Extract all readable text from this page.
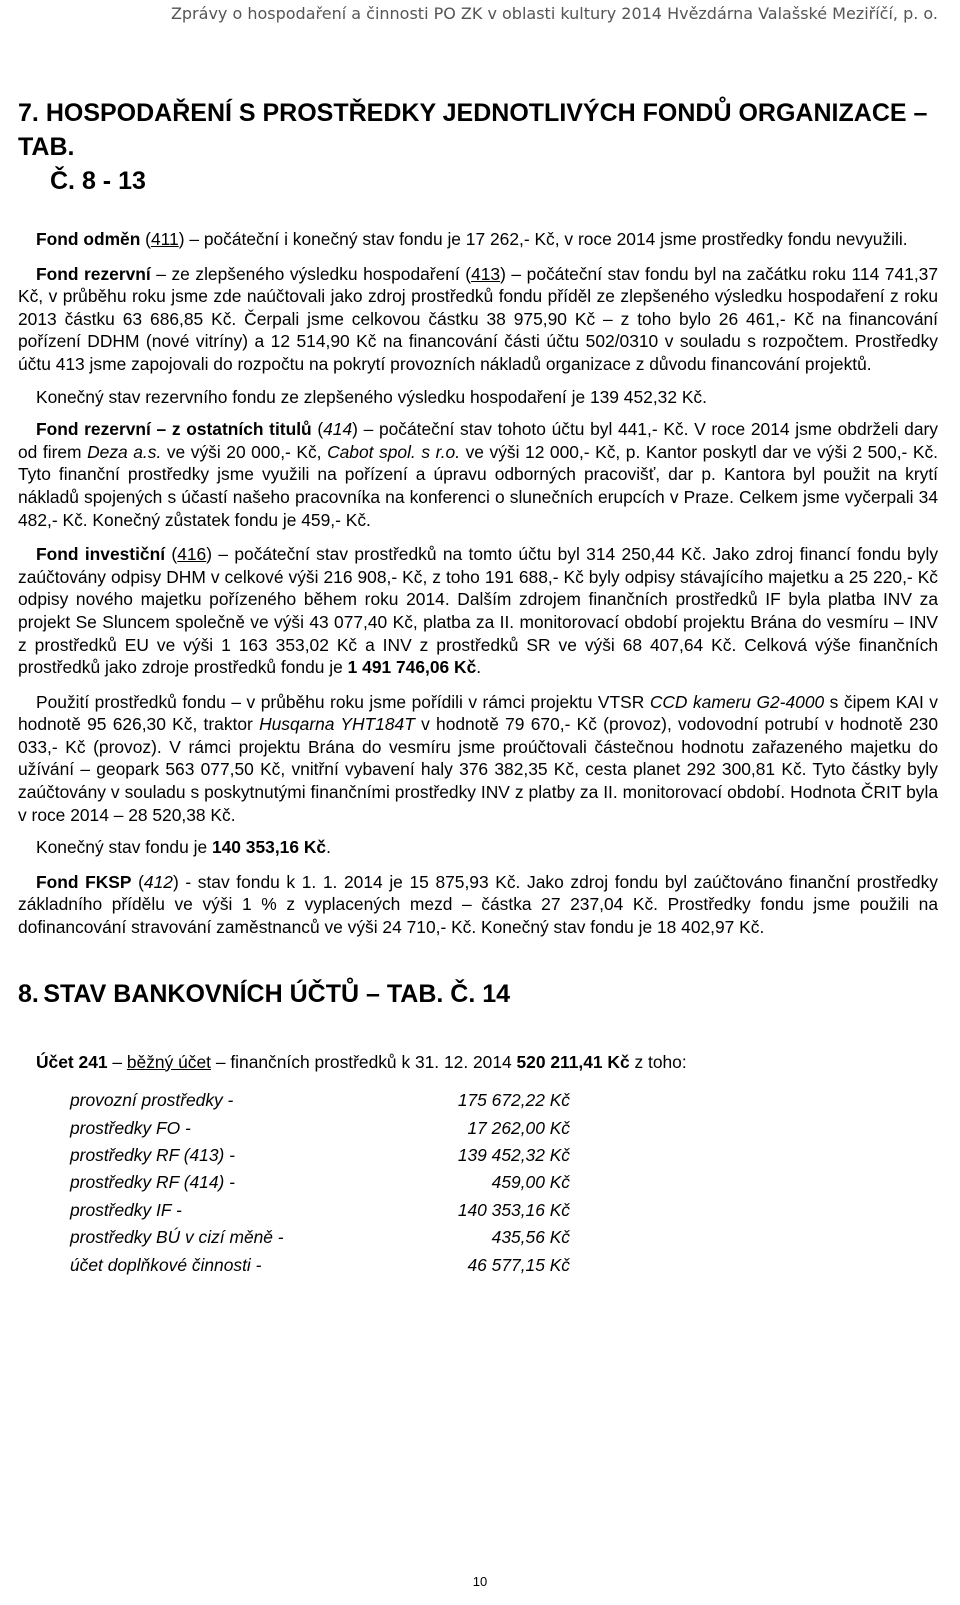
Zprávy o hospodaření a činnosti PO ZK v oblasti kultury 2014 Hvězdárna Valašské Meziříčí, p. o.
7. HOSPODAŘENÍ S PROSTŘEDKY JEDNOTLIVÝCH FONDŮ ORGANIZACE – TAB.
Č. 8 - 13

Fond odměn (411) – počáteční i konečný stav fondu je 17 262,- Kč, v roce 2014 jsme prostředky fondu nevyužili.

Fond rezervní – ze zlepšeného výsledku hospodaření (413) – počáteční stav fondu byl na začátku roku 114 741,37 Kč, v průběhu roku jsme zde naúčtovali jako zdroj prostředků fondu příděl ze zlepšeného výsledku hospodaření z roku 2013 částku 63 686,85 Kč. Čerpali jsme celkovou částku 38 975,90 Kč – z toho bylo 26 461,- Kč na financování pořízení DDHM (nové vitríny) a 12 514,90 Kč na financování části účtu 502/0310 v souladu s rozpočtem. Prostředky účtu 413 jsme zapojovali do rozpočtu na pokrytí provozních nákladů organizace z důvodu financování projektů.

Konečný stav rezervního fondu ze zlepšeného výsledku hospodaření je 139 452,32 Kč.

Fond rezervní – z ostatních titulů (414) – počáteční stav tohoto účtu byl 441,- Kč. V roce 2014 jsme obdrželi dary od firem Deza a.s. ve výši 20 000,- Kč, Cabot spol. s r.o. ve výši 12 000,- Kč, p. Kantor poskytl dar ve výši 2 500,- Kč. Tyto finanční prostředky jsme využili na pořízení a úpravu odborných pracovišť, dar p. Kantora byl použit na krytí nákladů spojených s účastí našeho pracovníka na konferenci o slunečních erupcích v Praze. Celkem jsme vyčerpali 34 482,- Kč. Konečný zůstatek fondu je 459,- Kč.

Fond investiční (416) – počáteční stav prostředků na tomto účtu byl 314 250,44 Kč. Jako zdroj financí fondu byly zaúčtovány odpisy DHM v celkové výši 216 908,- Kč, z toho 191 688,- Kč byly odpisy stávajícího majetku a 25 220,- Kč odpisy nového majetku pořízeného během roku 2014. Dalším zdrojem finančních prostředků IF byla platba INV za projekt Se Sluncem společně ve výši 43 077,40 Kč, platba za II. monitorovací období projektu Brána do vesmíru – INV z prostředků EU ve výši 1 163 353,02 Kč a INV z prostředků SR ve výši 68 407,64 Kč. Celková výše finančních prostředků jako zdroje prostředků fondu je 1 491 746,06 Kč.

Použití prostředků fondu – v průběhu roku jsme pořídili v rámci projektu VTSR CCD kameru G2-4000 s čipem KAI v hodnotě 95 626,30 Kč, traktor Husqarna YHT184T v hodnotě 79 670,- Kč (provoz), vodovodní potrubí v hodnotě 230 033,- Kč (provoz). V rámci projektu Brána do vesmíru jsme proúčtovali částečnou hodnotu zařazeného majetku do užívání – geopark 563 077,50 Kč, vnitřní vybavení haly 376 382,35 Kč, cesta planet 292 300,81 Kč. Tyto částky byly zaúčtovány v souladu s poskytnutými finančními prostředky INV z platby za II. monitorovací období. Hodnota ČRIT byla v roce 2014 – 28 520,38 Kč.

Konečný stav fondu je 140 353,16 Kč.

Fond FKSP (412) - stav fondu k 1. 1. 2014 je 15 875,93 Kč. Jako zdroj fondu byl zaúčtováno finanční prostředky základního přídělu ve výši 1 % z vyplacených mezd – částka 27 237,04 Kč. Prostředky fondu jsme použili na dofinancování stravování zaměstnanců ve výši 24 710,- Kč. Konečný stav fondu je 18 402,97 Kč.

8. STAV BANKOVNÍCH ÚČTŮ – TAB. Č. 14

Účet 241 – běžný účet – finančních prostředků k 31. 12. 2014 520 211,41 Kč z toho:

provozní prostředky -	175 672,22 Kč
prostředky FO -	17 262,00 Kč
prostředky RF (413) -	139 452,32 Kč
prostředky RF (414) -	459,00 Kč
prostředky IF -	140 353,16 Kč
prostředky BÚ v cizí měně -	435,56 Kč
účet doplňkové činnosti -	46 577,15 Kč
10
